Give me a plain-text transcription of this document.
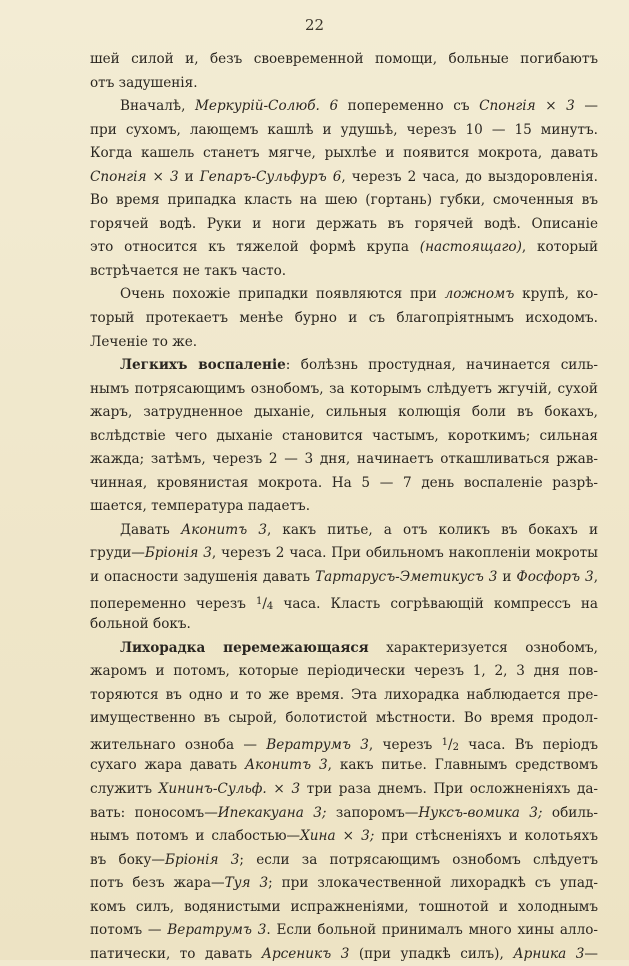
22
шей силой и, безъ своевременной помощи, больные погибаютъ
отъ задушенія.
Вначалѣ, Меркурій-Солюб. 6 попеременно съ Спонгія × 3 —
при сухомъ, лающемъ кашлѣ и удушьѣ, черезъ 10 — 15 минутъ.
Когда кашель станетъ мягче, рыхлѣе и появится мокрота, давать
Спонгія × 3 и Гепаръ-Сульфуръ 6, черезъ 2 часа, до выздоровленія.
Во время припадка класть на шею (гортань) губки, смоченныя въ
горячей водѣ. Руки и ноги держать въ горячей водѣ. Описаніе
это относится къ тяжелой формѣ крупа (настоящаго), который
встрѣчается не такъ часто.
Очень похожіе припадки появляются при ложномъ крупѣ, ко-
торый протекаетъ менѣе бурно и съ благопріятнымъ исходомъ.
Леченіе то же.
Легкихъ воспаленіе: болѣзнь простудная, начинается силь-
нымъ потрясающимъ ознобомъ, за которымъ слѣдуетъ жгучій, сухой
жаръ, затрудненное дыханіе, сильныя колющія боли въ бокахъ,
вслѣдствіе чего дыханіе становится частымъ, короткимъ; сильная
жажда; затѣмъ, черезъ 2 — 3 дня, начинаетъ откашливаться ржав-
чинная, кровянистая мокрота. На 5 — 7 день воспаленіе разрѣ-
шается, температура падаетъ.
Давать Аконитъ 3, какъ питье, а отъ коликъ въ бокахъ и
груди—Бріонія 3, черезъ 2 часа. При обильномъ накопленіи мокроты
и опасности задушенія давать Тартарусъ-Эметикусъ 3 и Фосфоръ 3,
попеременно черезъ $^1$/4 часа. Класть согрѣвающій компрессъ на
больной бокъ.
Лихорадка перемежающаяся характеризуется ознобомъ,
жаромъ и потомъ, которые періодически черезъ 1, 2, 3 дня пов-
торяются въ одно и то же время. Эта лихорадка наблюдается пре-
имущественно въ сырой, болотистой мѣстности. Во время продол-
жительнаго озноба — Вератрумъ 3, черезъ $^1$/2 часа. Въ періодъ
сухаго жара давать Аконитъ 3, какъ питье. Главнымъ средствомъ
служитъ Хининъ-Сульф. × 3 три раза днемъ. При осложненіяхъ да-
вать: поносомъ—Ипекакуана 3; запоромъ—Нуксъ-вомика 3; обиль-
нымъ потомъ и слабостью—Хина × 3; при стѣсненіяхъ и колотьяхъ
въ боку—Бріонія 3; если за потрясающимъ ознобомъ слѣдуетъ
потъ безъ жара—Туя 3; при злокачественной лихорадкѣ съ упад-
комъ силъ, водянистыми испражненіями, тошнотой и холоднымъ
потомъ — Вератрумъ 3. Если больной принималъ много хины алло-
патически, то давать Арсеникъ 3 (при упадкѣ силъ), Арника 3—
